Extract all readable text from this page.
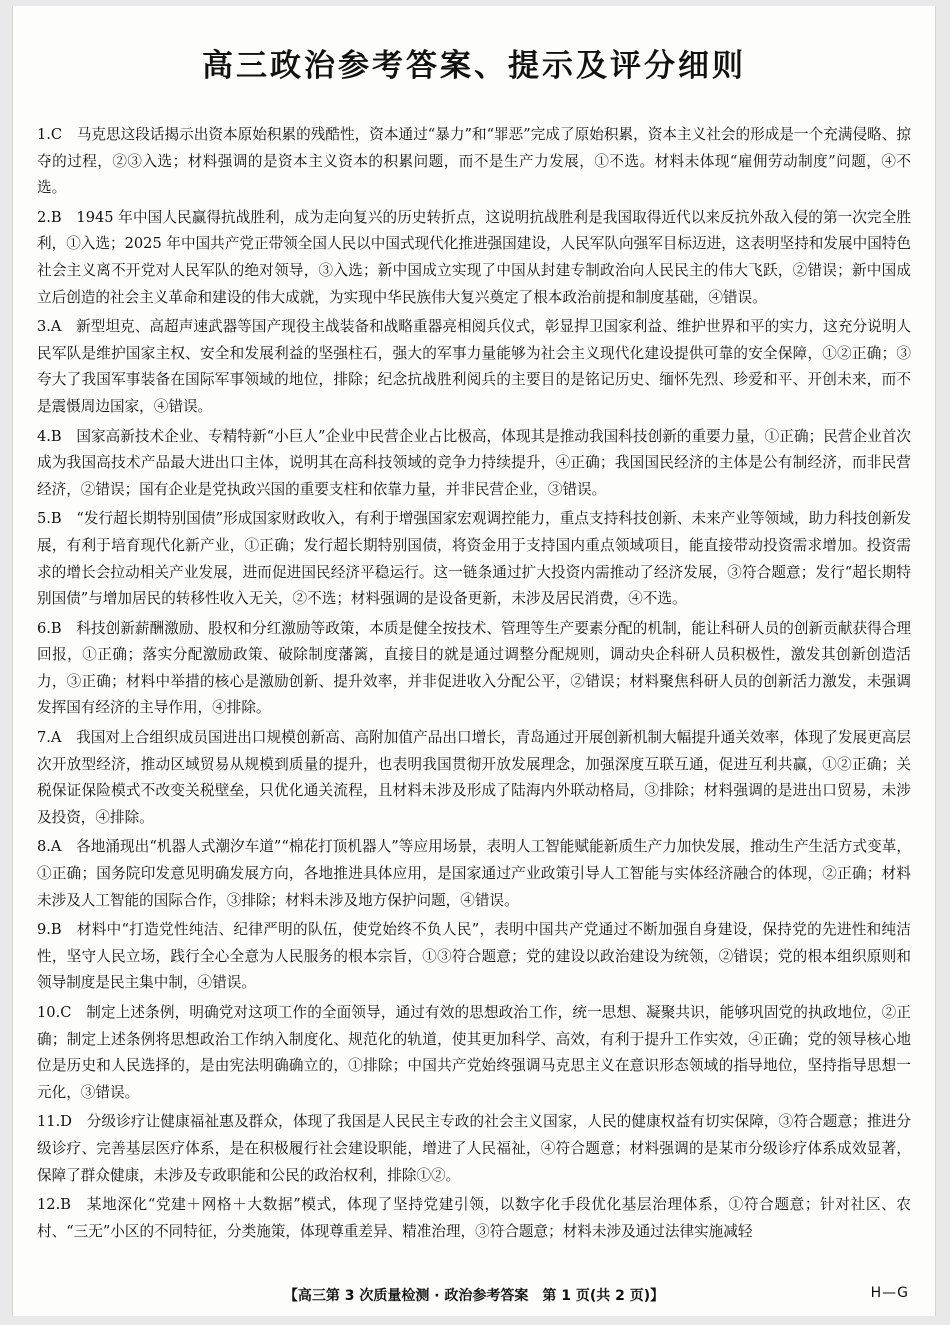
高三政治参考答案、提示及评分细则

1.C　马克思这段话揭示出资本原始积累的残酷性，资本通过“暴力”和“罪恶”完成了原始积累，资本主义社会的形成是一个充满侵略、掠夺的过程，②③入选；材料强调的是资本主义资本的积累问题，而不是生产力发展，①不选。材料未体现“雇佣劳动制度”问题，④不选。

2.B　1945 年中国人民赢得抗战胜利，成为走向复兴的历史转折点，这说明抗战胜利是我国取得近代以来反抗外敌入侵的第一次完全胜利，①入选；2025 年中国共产党正带领全国人民以中国式现代化推进强国建设，人民军队向强军目标迈进，这表明坚持和发展中国特色社会主义离不开党对人民军队的绝对领导，③入选；新中国成立实现了中国从封建专制政治向人民民主的伟大飞跃，②错误；新中国成立后创造的社会主义革命和建设的伟大成就，为实现中华民族伟大复兴奠定了根本政治前提和制度基础，④错误。

3.A　新型坦克、高超声速武器等国产现役主战装备和战略重器亮相阅兵仪式，彰显捍卫国家利益、维护世界和平的实力，这充分说明人民军队是维护国家主权、安全和发展利益的坚强柱石，强大的军事力量能够为社会主义现代化建设提供可靠的安全保障，①②正确；③夸大了我国军事装备在国际军事领域的地位，排除；纪念抗战胜利阅兵的主要目的是铭记历史、缅怀先烈、珍爱和平、开创未来，而不是震慑周边国家，④错误。

4.B　国家高新技术企业、专精特新“小巨人”企业中民营企业占比极高，体现其是推动我国科技创新的重要力量，①正确；民营企业首次成为我国高技术产品最大进出口主体，说明其在高科技领域的竞争力持续提升，④正确；我国国民经济的主体是公有制经济，而非民营经济，②错误；国有企业是党执政兴国的重要支柱和依靠力量，并非民营企业，③错误。

5.B　“发行超长期特别国债”形成国家财政收入，有利于增强国家宏观调控能力，重点支持科技创新、未来产业等领域，助力科技创新发展，有利于培育现代化新产业，①正确；发行超长期特别国债，将资金用于支持国内重点领域项目，能直接带动投资需求增加。投资需求的增长会拉动相关产业发展，进而促进国民经济平稳运行。这一链条通过扩大投资内需推动了经济发展，③符合题意；发行“超长期特别国债”与增加居民的转移性收入无关，②不选；材料强调的是设备更新，未涉及居民消费，④不选。

6.B　科技创新薪酬激励、股权和分红激励等政策，本质是健全按技术、管理等生产要素分配的机制，能让科研人员的创新贡献获得合理回报，①正确；落实分配激励政策、破除制度藩篱，直接目的就是通过调整分配规则，调动央企科研人员积极性，激发其创新创造活力，③正确；材料中举措的核心是激励创新、提升效率，并非促进收入分配公平，②错误；材料聚焦科研人员的创新活力激发，未强调发挥国有经济的主导作用，④排除。

7.A　我国对上合组织成员国进出口规模创新高、高附加值产品出口增长，青岛通过开展创新机制大幅提升通关效率，体现了发展更高层次开放型经济，推动区域贸易从规模到质量的提升，也表明我国贯彻开放发展理念，加强深度互联互通，促进互利共赢，①②正确；关税保证保险模式不改变关税壁垒，只优化通关流程，且材料未涉及形成了陆海内外联动格局，③排除；材料强调的是进出口贸易，未涉及投资，④排除。

8.A　各地涌现出“机器人式潮汐车道”“棉花打顶机器人”等应用场景，表明人工智能赋能新质生产力加快发展，推动生产生活方式变革，①正确；国务院印发意见明确发展方向，各地推进具体应用，是国家通过产业政策引导人工智能与实体经济融合的体现，②正确；材料未涉及人工智能的国际合作，③排除；材料未涉及地方保护问题，④错误。

9.B　材料中“打造党性纯洁、纪律严明的队伍，使党始终不负人民”，表明中国共产党通过不断加强自身建设，保持党的先进性和纯洁性，坚守人民立场，践行全心全意为人民服务的根本宗旨，①③符合题意；党的建设以政治建设为统领，②错误；党的根本组织原则和领导制度是民主集中制，④错误。

10.C　制定上述条例，明确党对这项工作的全面领导，通过有效的思想政治工作，统一思想、凝聚共识，能够巩固党的执政地位，②正确；制定上述条例将思想政治工作纳入制度化、规范化的轨道，使其更加科学、高效，有利于提升工作实效，④正确；党的领导核心地位是历史和人民选择的，是由宪法明确确立的，①排除；中国共产党始终强调马克思主义在意识形态领域的指导地位，坚持指导思想一元化，③错误。

11.D　分级诊疗让健康福祉惠及群众，体现了我国是人民民主专政的社会主义国家，人民的健康权益有切实保障，③符合题意；推进分级诊疗、完善基层医疗体系，是在积极履行社会建设职能，增进了人民福祉，④符合题意；材料强调的是某市分级诊疗体系成效显著，保障了群众健康，未涉及专政职能和公民的政治权利，排除①②。

12.B　某地深化“党建＋网格＋大数据”模式，体现了坚持党建引领，以数字化手段优化基层治理体系，①符合题意；针对社区、农村、“三无”小区的不同特征，分类施策，体现尊重差异、精准治理，③符合题意；材料未涉及通过法律实施减轻

【高三第 3 次质量检测 · 政治参考答案　第 1 页(共 2 页)】	H—G
